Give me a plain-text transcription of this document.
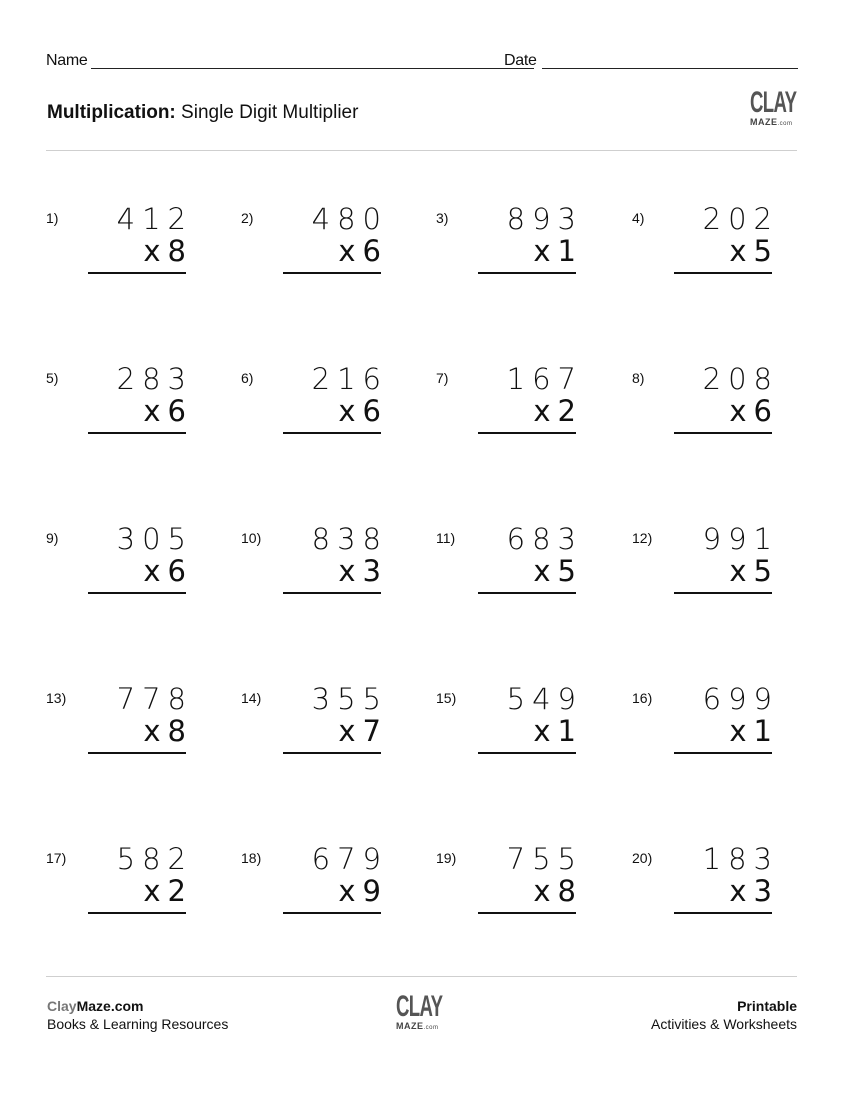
Name	Date
Multiplication: Single Digit Multiplier	CLAY
MAZE.com
1) 412
x8
2) 480
x6
3) 893
x1
4) 202
x5
5) 283
x6
6) 216
x6
7) 167
x2
8) 208
x6
9) 305
x6
10) 838
x3
11) 683
x5
12) 991
x5
13) 778
x8
14) 355
x7
15) 549
x1
16) 699
x1
17) 582
x2
18) 679
x9
19) 755
x8
20) 183
x3
ClayMaze.com
Books & Learning Resources
CLAY
MAZE.com
Printable
Activities & Worksheets
